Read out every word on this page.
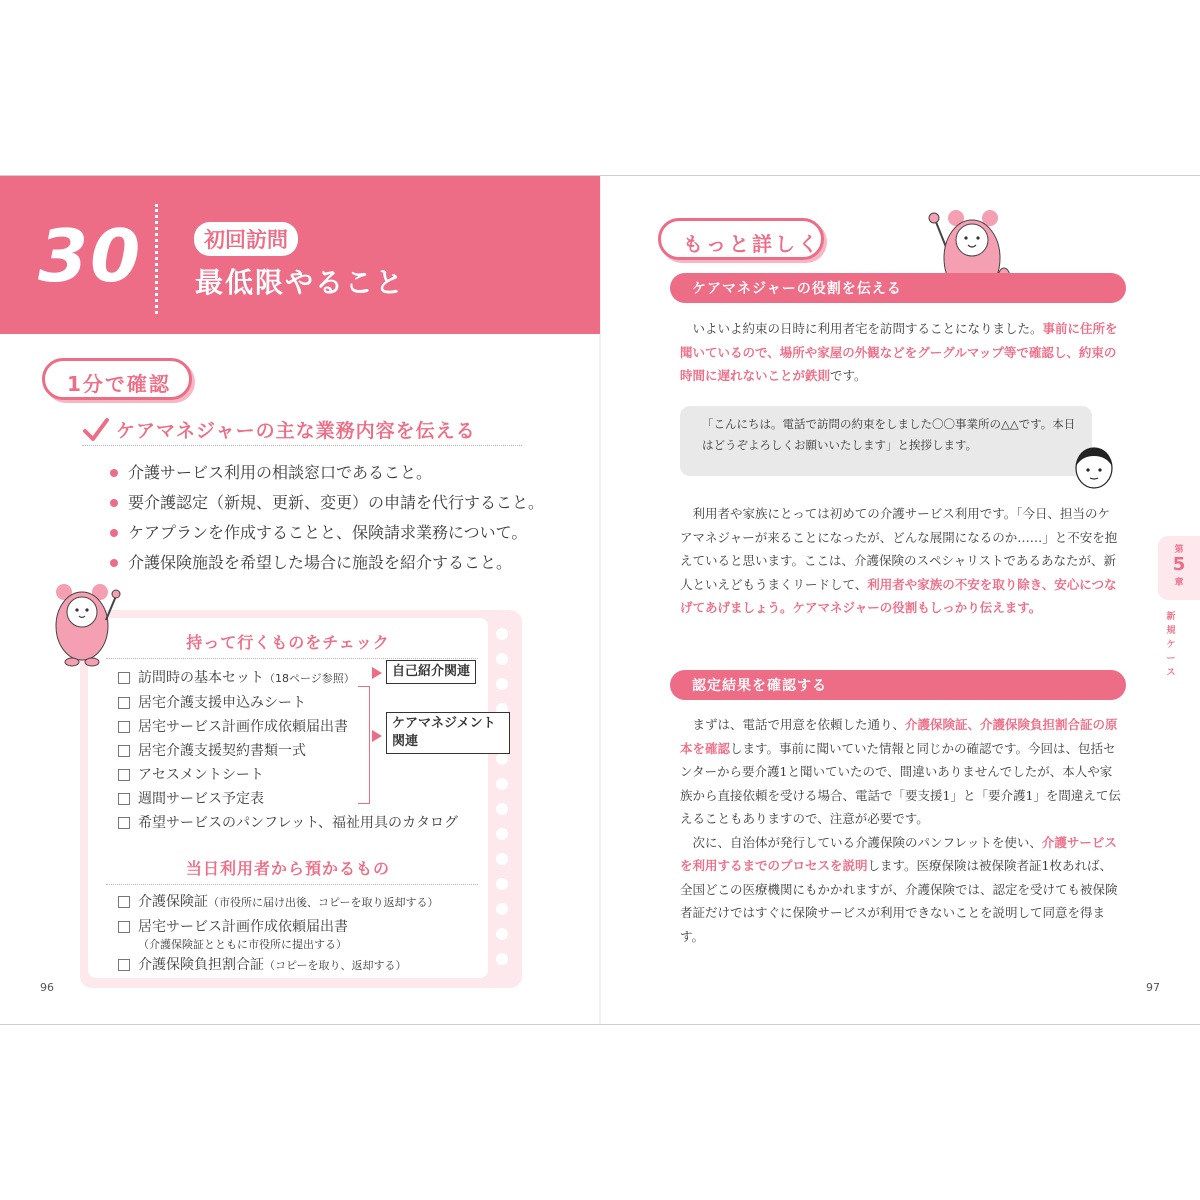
30	初回訪問
最低限やること
1分で確認
ケアマネジャーの主な業務内容を伝える
介護サービス利用の相談窓口であること。
要介護認定（新規、更新、変更）の申請を代行すること。
ケアプランを作成することと、保険請求業務について。
介護保険施設を希望した場合に施設を紹介すること。
持って行くものをチェック
訪問時の基本セット（18ページ参照）
居宅介護支援申込みシート
居宅サービス計画作成依頼届出書
居宅介護支援契約書類一式
アセスメントシート
週間サービス予定表
希望サービスのパンフレット、福祉用具のカタログ
当日利用者から預かるもの
介護保険証（市役所に届け出後、コピーを取り返却する）
居宅サービス計画作成依頼届出書
（介護保険証とともに市役所に提出する）
介護保険負担割合証（コピーを取り、返却する）
自己紹介関連
ケアマネジメント
関連
96
もっと詳しく
ケアマネジャーの役割を伝える
　いよいよ約束の日時に利用者宅を訪問することになりました。事前に住所を聞いているので、場所や家屋の外観などをグーグルマップ等で確認し、約束の時間に遅れないことが鉄則です。
「こんにちは。電話で訪問の約束をしました〇〇事業所の△△です。本日はどうぞよろしくお願いいたします」と挨拶します。
　利用者や家族にとっては初めての介護サービス利用です。「今日、担当のケアマネジャーが来ることになったが、どんな展開になるのか……」と不安を抱えていると思います。ここは、介護保険のスペシャリストであるあなたが、新人といえどもうまくリードして、利用者や家族の不安を取り除き、安心につなげてあげましょう。ケアマネジャーの役割もしっかり伝えます。
認定結果を確認する
　まずは、電話で用意を依頼した通り、介護保険証、介護保険負担割合証の原本を確認します。事前に聞いていた情報と同じかの確認です。今回は、包括センターから要介護1と聞いていたので、間違いありませんでしたが、本人や家族から直接依頼を受ける場合、電話で「要支援1」と「要介護1」を間違えて伝えることもありますので、注意が必要です。
　次に、自治体が発行している介護保険のパンフレットを使い、介護サービスを利用するまでのプロセスを説明します。医療保険は被保険者証1枚あれば、全国どこの医療機関にもかかれますが、介護保険では、認定を受けても被保険者証だけではすぐに保険サービスが利用できないことを説明して同意を得ます。
第
5
章
新規ケース
97
